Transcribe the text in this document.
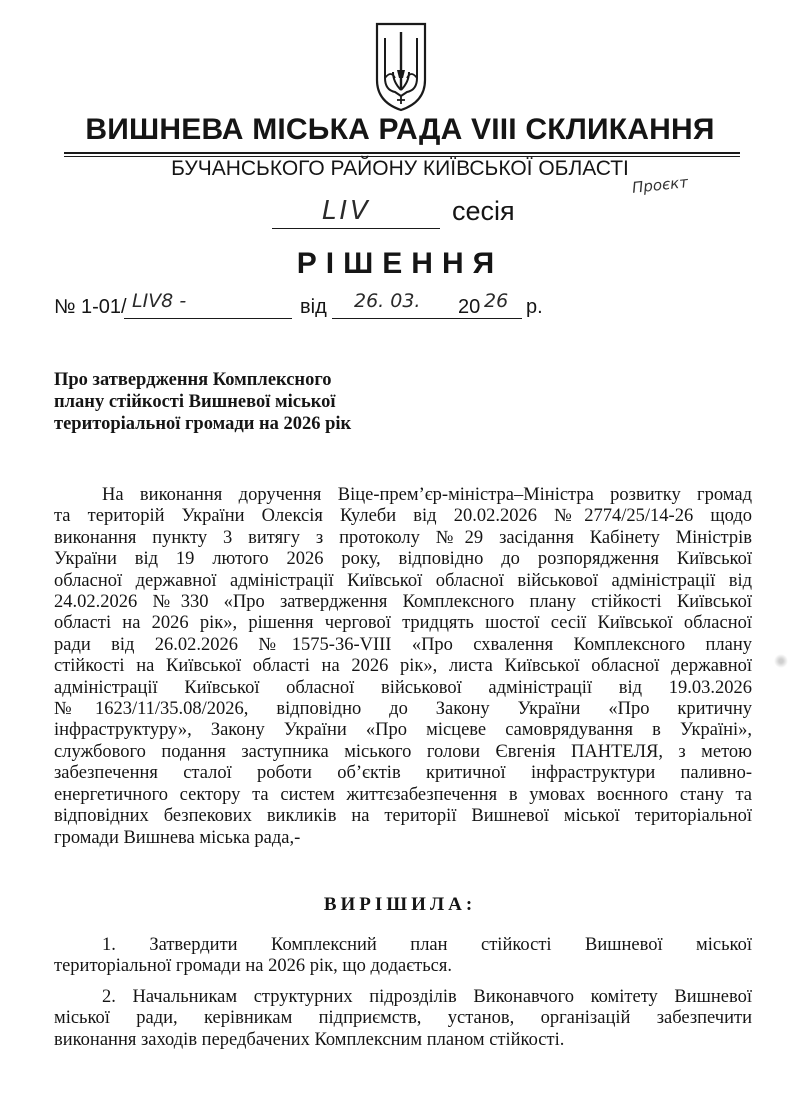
ВИШНЕВА МІСЬКА РАДА VIII СКЛИКАННЯ
БУЧАНСЬКОГО РАЙОНУ КИЇВСЬКОЇ ОБЛАСТІ
Проєкт
LIV	сесія
РІШЕННЯ
№ 1-01/ LIV8 -	від 26. 03. 20 26 р.
Про затвердження Комплексного
плану стійкості Вишневої міської
територіальної громади на 2026 рік
На виконання доручення Віце-прем’єр-міністра–Міністра розвитку громад
та територій України Олексія Кулеби від 20.02.2026 №2774/25/14-26 щодо
виконання пункту 3 витягу з протоколу №29 засідання Кабінету Міністрів
України від 19 лютого 2026 року, відповідно до розпорядження Київської
обласної державної адміністрації Київської обласної військової адміністрації від
24.02.2026 №330 «Про затвердження Комплексного плану стійкості Київської
області на 2026 рік», рішення чергової тридцять шостої сесії Київської обласної
ради від 26.02.2026 №1575-36-VIII «Про схвалення Комплексного плану
стійкості на Київської області на 2026 рік», листа Київської обласної державної
адміністрації Київської обласної військової адміністрації від 19.03.2026
№1623/11/35.08/2026, відповідно до Закону України «Про критичну
інфраструктуру», Закону України «Про місцеве самоврядування в Україні»,
службового подання заступника міського голови Євгенія ПАНТЕЛЯ, з метою
забезпечення сталої роботи об’єктів критичної інфраструктури паливно-
енергетичного сектору та систем життєзабезпечення в умовах воєнного стану та
відповідних безпекових викликів на території Вишневої міської територіальної
громади Вишнева міська рада,-
ВИРІШИЛА:
1. Затвердити Комплексний план стійкості Вишневої міської
територіальної громади на 2026 рік, що додається.
2. Начальникам структурних підрозділів Виконавчого комітету Вишневої
міської ради, керівникам підприємств, установ, організацій забезпечити
виконання заходів передбачених Комплексним планом стійкості.
